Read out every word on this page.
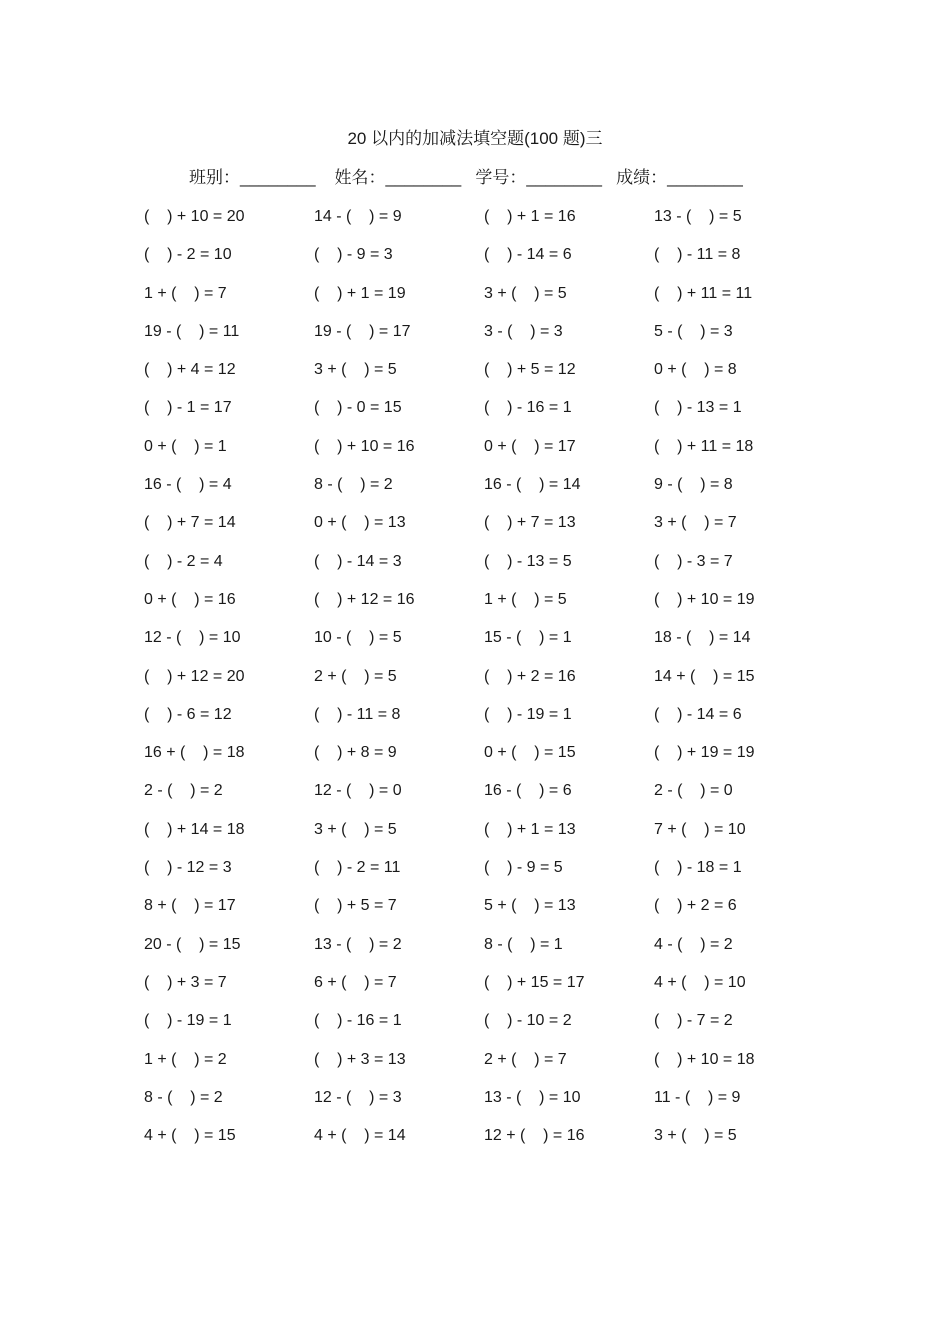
20 以内的加减法填空题(100 题)三
班别：________ 姓名：________ 学号：________ 成绩：________
(    ) + 10 = 20	14 - (    ) = 9	(    ) + 1 = 16	13 - (    ) = 5
(    ) - 2 = 10	(    ) - 9 = 3	(    ) - 14 = 6	(    ) - 11 = 8
1 + (    ) = 7	(    ) + 1 = 19	3 + (    ) = 5	(    ) + 11 = 11
19 - (    ) = 11	19 - (    ) = 17	3 - (    ) = 3	5 - (    ) = 3
(    ) + 4 = 12	3 + (    ) = 5	(    ) + 5 = 12	0 + (    ) = 8
(    ) - 1 = 17	(    ) - 0 = 15	(    ) - 16 = 1	(    ) - 13 = 1
0 + (    ) = 1	(    ) + 10 = 16	0 + (    ) = 17	(    ) + 11 = 18
16 - (    ) = 4	8 - (    ) = 2	16 - (    ) = 14	9 - (    ) = 8
(    ) + 7 = 14	0 + (    ) = 13	(    ) + 7 = 13	3 + (    ) = 7
(    ) - 2 = 4	(    ) - 14 = 3	(    ) - 13 = 5	(    ) - 3 = 7
0 + (    ) = 16	(    ) + 12 = 16	1 + (    ) = 5	(    ) + 10 = 19
12 - (    ) = 10	10 - (    ) = 5	15 - (    ) = 1	18 - (    ) = 14
(    ) + 12 = 20	2 + (    ) = 5	(    ) + 2 = 16	14 + (    ) = 15
(    ) - 6 = 12	(    ) - 11 = 8	(    ) - 19 = 1	(    ) - 14 = 6
16 + (    ) = 18	(    ) + 8 = 9	0 + (    ) = 15	(    ) + 19 = 19
2 - (    ) = 2	12 - (    ) = 0	16 - (    ) = 6	2 - (    ) = 0
(    ) + 14 = 18	3 + (    ) = 5	(    ) + 1 = 13	7 + (    ) = 10
(    ) - 12 = 3	(    ) - 2 = 11	(    ) - 9 = 5	(    ) - 18 = 1
8 + (    ) = 17	(    ) + 5 = 7	5 + (    ) = 13	(    ) + 2 = 6
20 - (    ) = 15	13 - (    ) = 2	8 - (    ) = 1	4 - (    ) = 2
(    ) + 3 = 7	6 + (    ) = 7	(    ) + 15 = 17	4 + (    ) = 10
(    ) - 19 = 1	(    ) - 16 = 1	(    ) - 10 = 2	(    ) - 7 = 2
1 + (    ) = 2	(    ) + 3 = 13	2 + (    ) = 7	(    ) + 10 = 18
8 - (    ) = 2	12 - (    ) = 3	13 - (    ) = 10	11 - (    ) = 9
4 + (    ) = 15	4 + (    ) = 14	12 + (    ) = 16	3 + (    ) = 5
